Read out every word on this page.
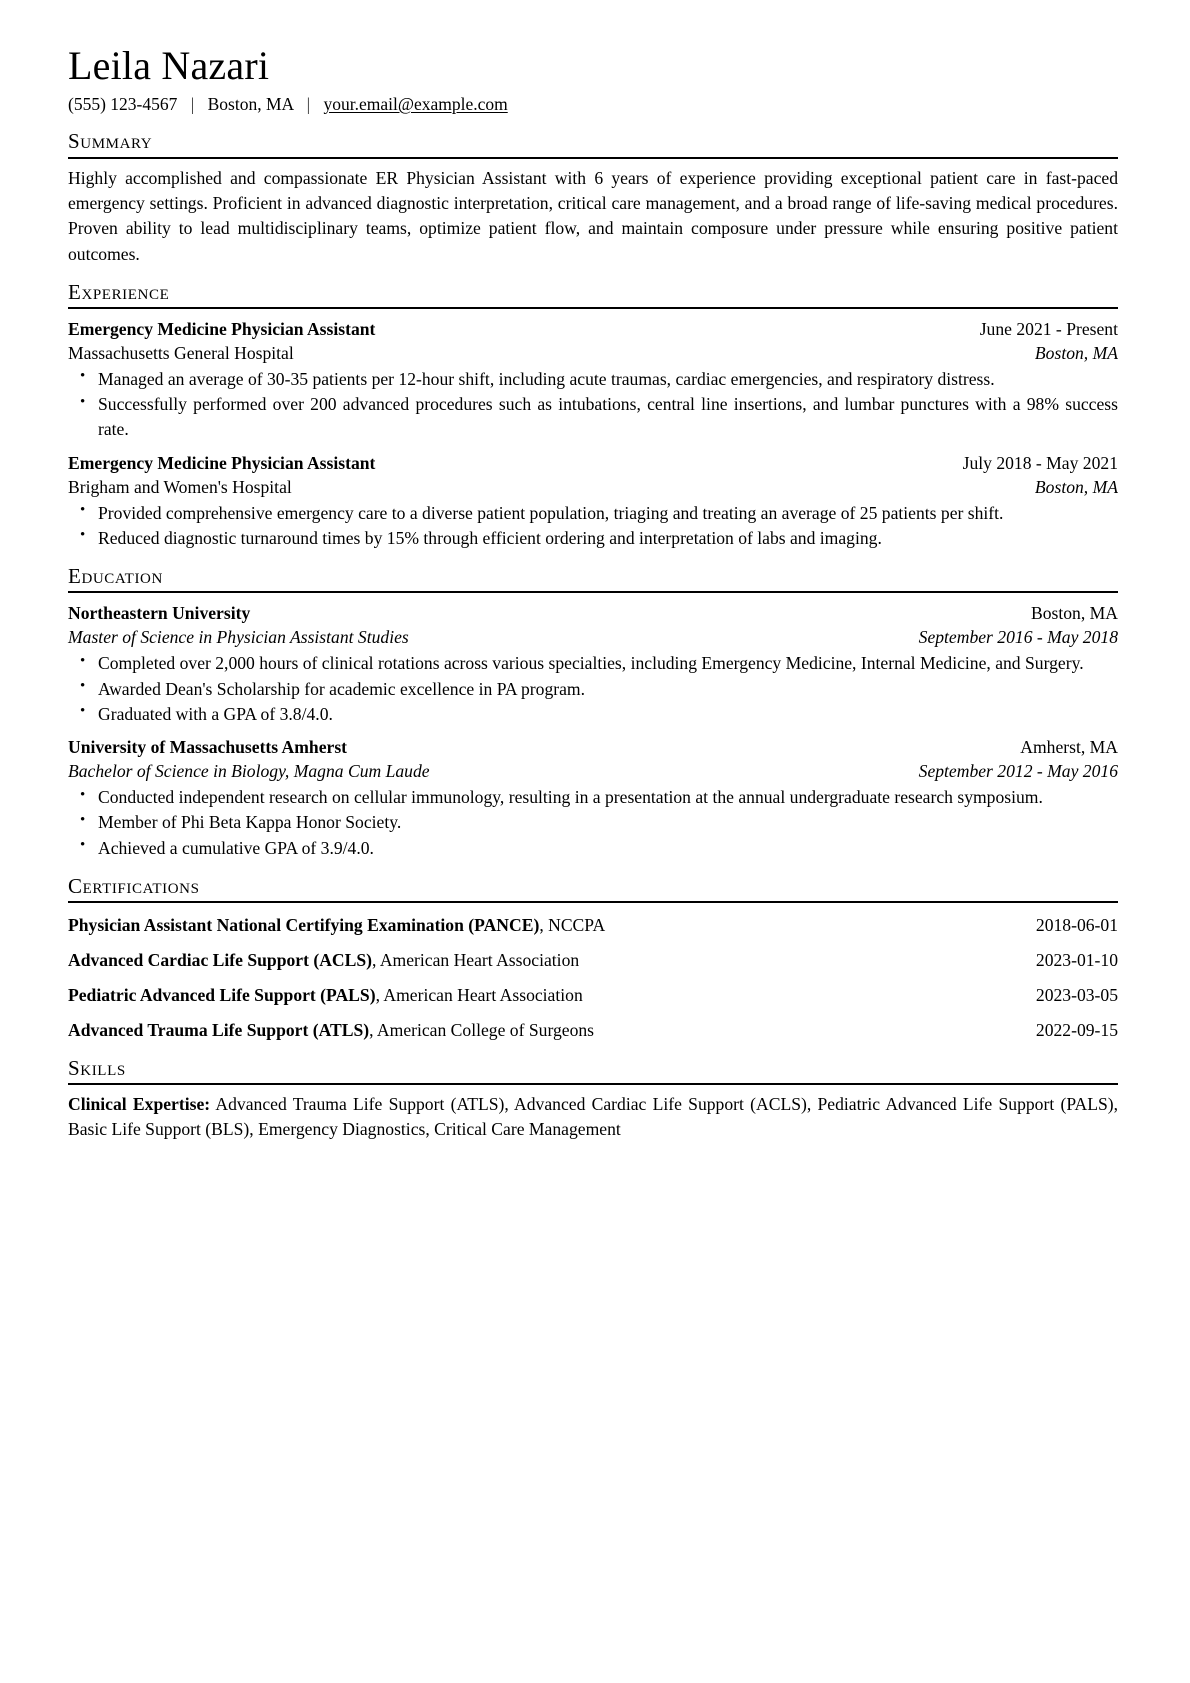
Leila Nazari
(555) 123-4567 | Boston, MA | your.email@example.com
Summary

Highly accomplished and compassionate ER Physician Assistant with 6 years of experience providing exceptional patient care in fast-paced emergency settings. Proficient in advanced diagnostic interpretation, critical care management, and a broad range of life-saving medical procedures. Proven ability to lead multidisciplinary teams, optimize patient flow, and maintain composure under pressure while ensuring positive patient outcomes.

Experience
Emergency Medicine Physician Assistant	June 2021 - Present
Massachusetts General Hospital	Boston, MA
• Managed an average of 30-35 patients per 12-hour shift, including acute traumas, cardiac emergencies, and respiratory distress.
• Successfully performed over 200 advanced procedures such as intubations, central line insertions, and lumbar punctures with a 98% success rate.
Emergency Medicine Physician Assistant	July 2018 - May 2021
Brigham and Women's Hospital	Boston, MA
• Provided comprehensive emergency care to a diverse patient population, triaging and treating an average of 25 patients per shift.
• Reduced diagnostic turnaround times by 15% through efficient ordering and interpretation of labs and imaging.
Education
Northeastern University	Boston, MA
Master of Science in Physician Assistant Studies	September 2016 - May 2018
• Completed over 2,000 hours of clinical rotations across various specialties, including Emergency Medicine, Internal Medicine, and Surgery.
• Awarded Dean's Scholarship for academic excellence in PA program.
• Graduated with a GPA of 3.8/4.0.
University of Massachusetts Amherst	Amherst, MA
Bachelor of Science in Biology, Magna Cum Laude	September 2012 - May 2016
• Conducted independent research on cellular immunology, resulting in a presentation at the annual undergraduate research symposium.
• Member of Phi Beta Kappa Honor Society.
• Achieved a cumulative GPA of 3.9/4.0.
Certifications
Physician Assistant National Certifying Examination (PANCE), NCCPA	2018-06-01
Advanced Cardiac Life Support (ACLS), American Heart Association	2023-01-10
Pediatric Advanced Life Support (PALS), American Heart Association	2023-03-05
Advanced Trauma Life Support (ATLS), American College of Surgeons	2022-09-15
Skills

Clinical Expertise: Advanced Trauma Life Support (ATLS), Advanced Cardiac Life Support (ACLS), Pediatric Advanced Life Support (PALS), Basic Life Support (BLS), Emergency Diagnostics, Critical Care Management
